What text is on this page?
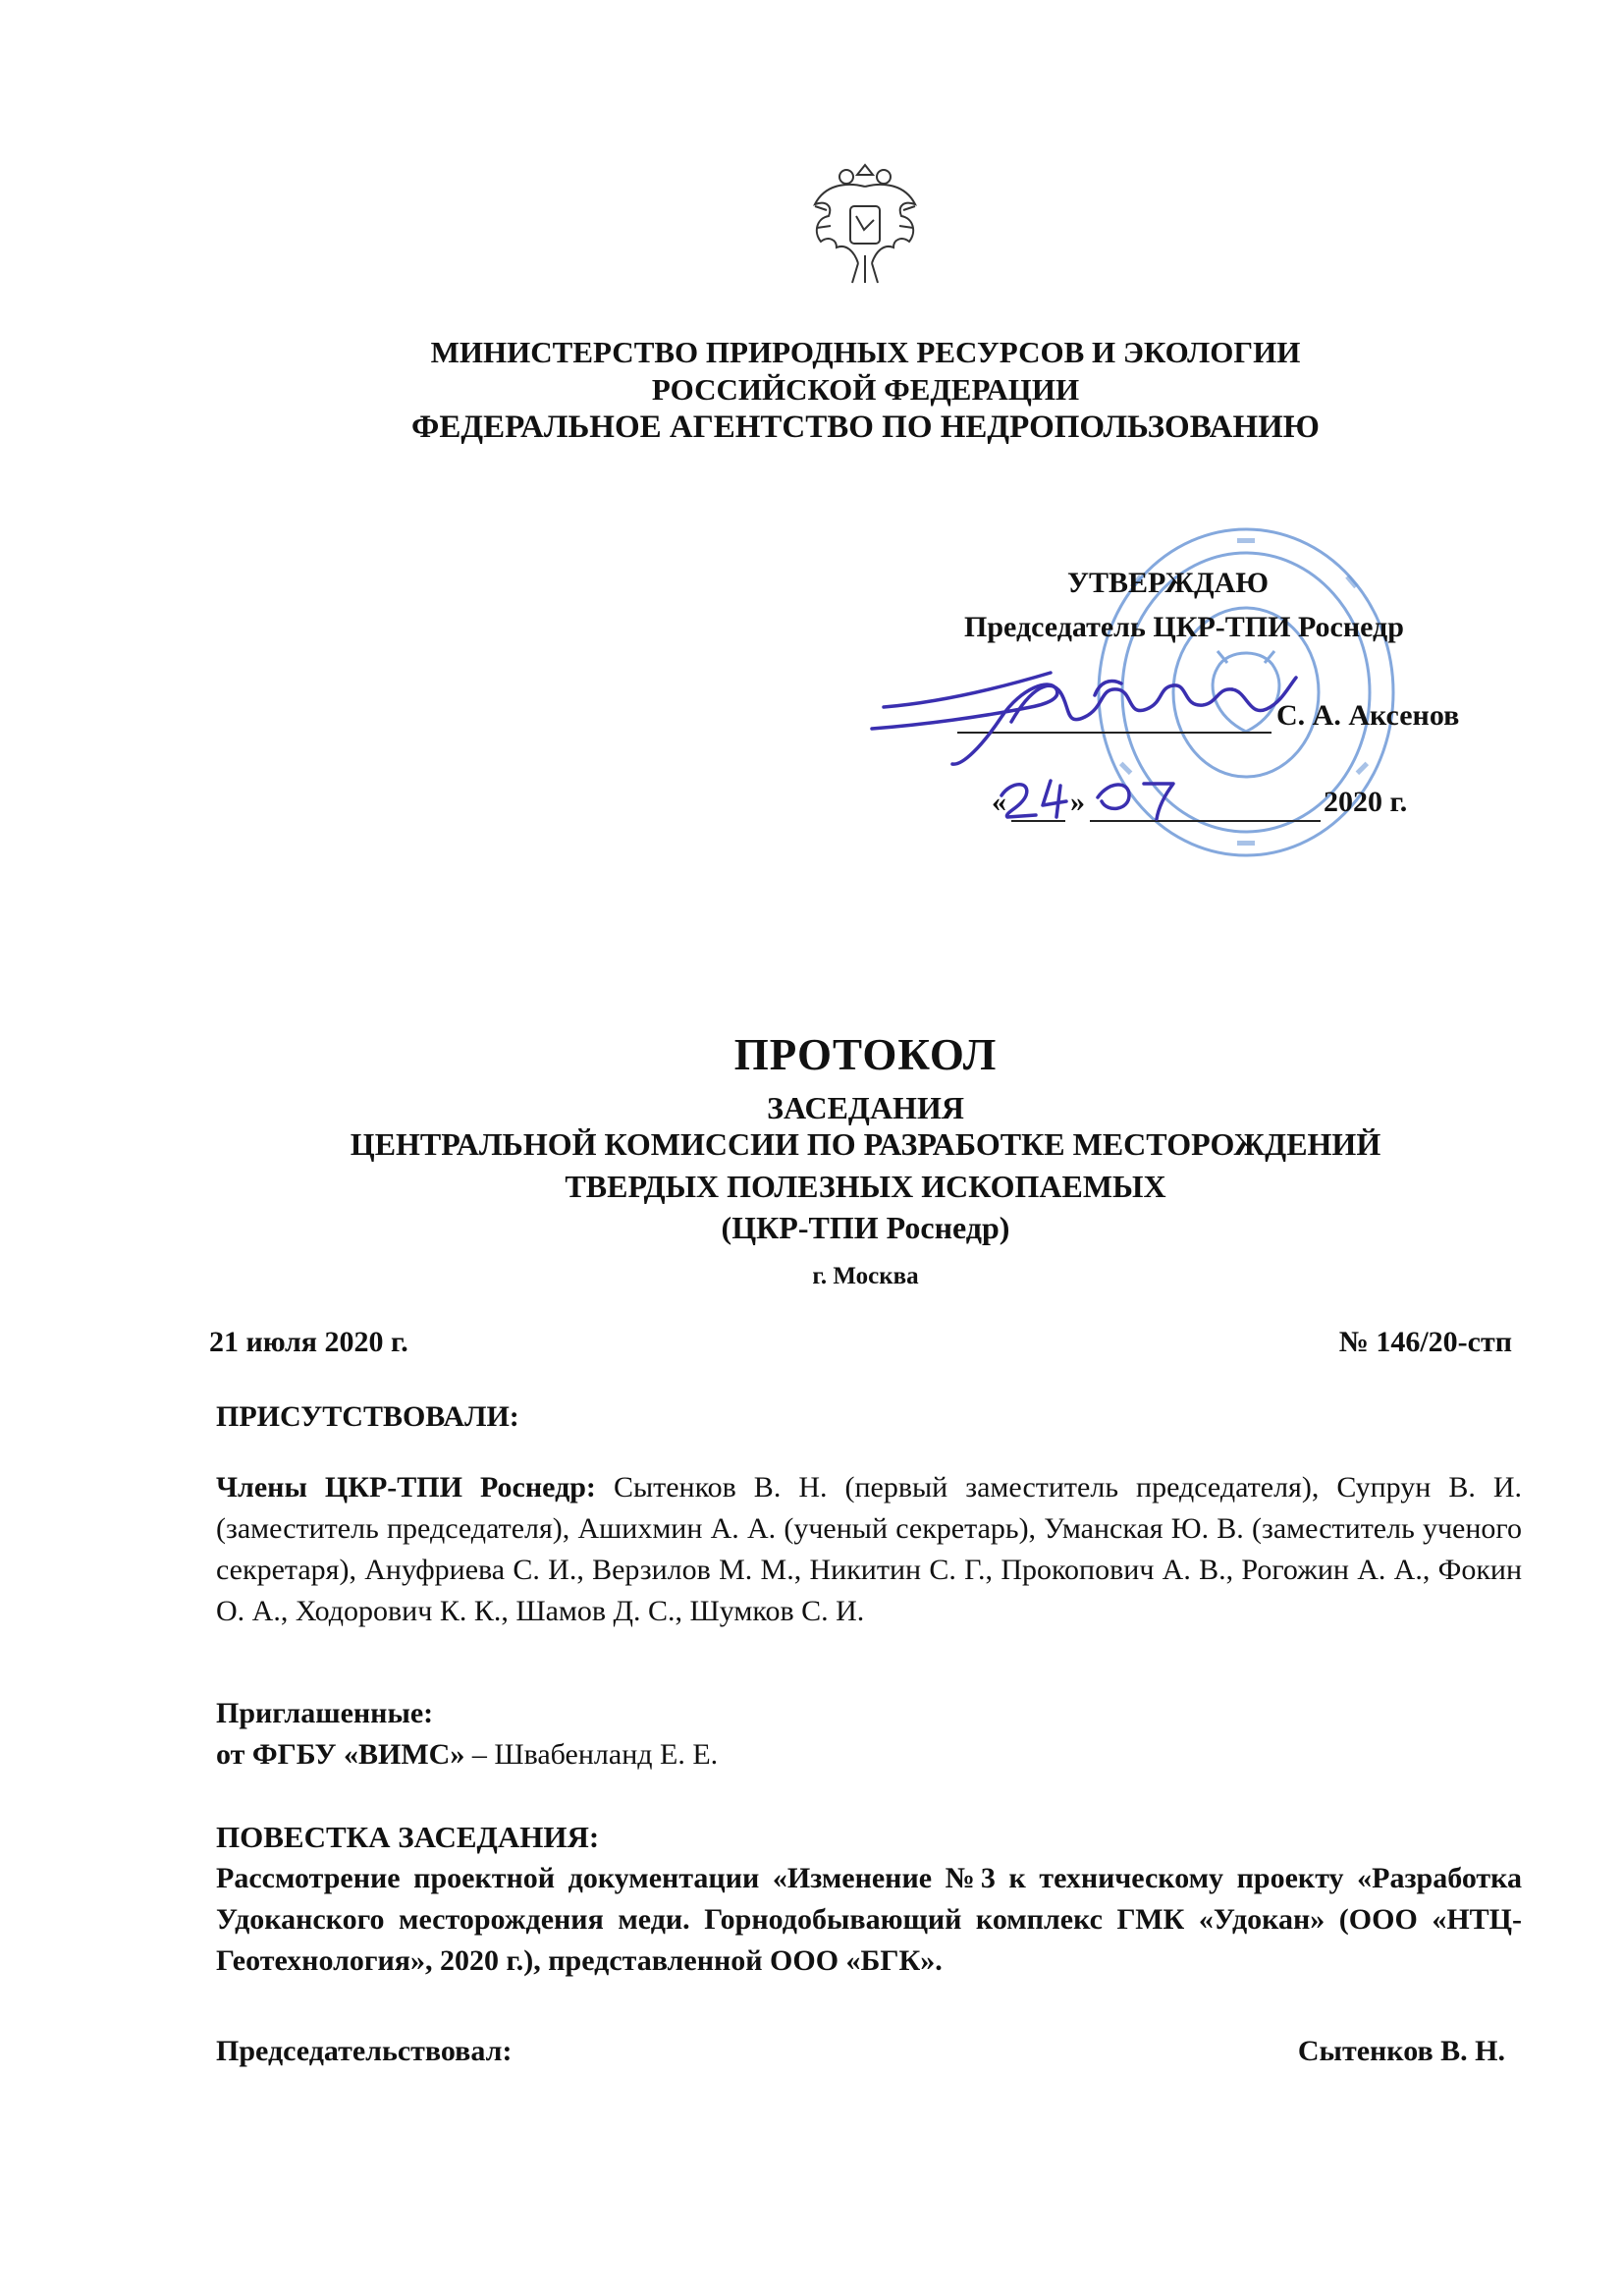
МИНИСТЕРСТВО ПРИРОДНЫХ РЕСУРСОВ И ЭКОЛОГИИ
РОССИЙСКОЙ ФЕДЕРАЦИИ
ФЕДЕРАЛЬНОЕ АГЕНТСТВО ПО НЕДРОПОЛЬЗОВАНИЮ
УТВЕРЖДАЮ
Председатель ЦКР-ТПИ Роснедр
С. А. Аксенов
« »	2020 г.
ПРОТОКОЛ
ЗАСЕДАНИЯ
ЦЕНТРАЛЬНОЙ КОМИССИИ ПО РАЗРАБОТКЕ МЕСТОРОЖДЕНИЙ
ТВЕРДЫХ ПОЛЕЗНЫХ ИСКОПАЕМЫХ
(ЦКР-ТПИ Роснедр)
г. Москва
21 июля 2020 г.	№ 146/20-стп
ПРИСУТСТВОВАЛИ:
Члены ЦКР-ТПИ Роснедр: Сытенков В. Н. (первый заместитель председателя), Супрун В. И. (заместитель председателя), Ашихмин А. А. (ученый секретарь), Уманская Ю. В. (заместитель ученого секретаря), Ануфриева С. И., Верзилов М. М., Никитин С. Г., Прокопович А. В., Рогожин А. А., Фокин О. А., Ходорович К. К., Шамов Д. С., Шумков С. И.
Приглашенные:
от ФГБУ «ВИМС» – Швабенланд Е. Е.
ПОВЕСТКА ЗАСЕДАНИЯ:
Рассмотрение проектной документации «Изменение №3 к техническому проекту «Разработка Удоканского месторождения меди. Горнодобывающий комплекс ГМК «Удокан» (ООО «НТЦ-Геотехнология», 2020 г.), представленной ООО «БГК».
Председательствовал:	Сытенков В. Н.
